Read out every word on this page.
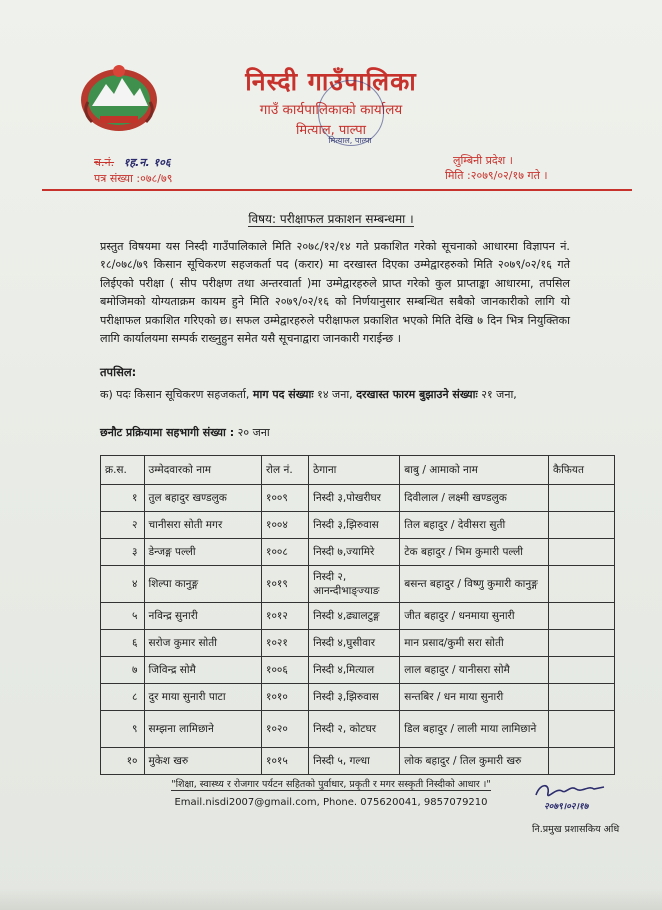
निस्दी गाउँपालिका
गाउँ कार्यपालिकाको कार्यालय
मित्याल, पाल्पा
मित्याल, पाल्पा
च.नं. १ह.न. १०६
पत्र संख्या :०७८/७९
लुम्बिनी प्रदेश ।
मिति :२०७९/०२/१७ गते ।
विषय: परीक्षाफल प्रकाशन सम्बन्धमा ।
प्रस्तुत विषयमा यस निस्दी गाउँपालिकाले मिति २०७८/१२/१४ गते प्रकाशित गरेको सूचनाको आधारमा विज्ञापन नं. १८/०७८/७९ किसान सूचिकरण सहजकर्ता पद (करार) मा दरखास्त दिएका उम्मेद्वारहरुको मिति २०७९/०२/१६ गते लिईएको परीक्षा ( सीप परीक्षण तथा अन्तरवार्ता )मा उम्मेद्वारहरुले प्राप्त गरेको कुल प्राप्ताङ्का आधारमा, तपसिल बमोजिमको योग्यताक्रम कायम हुने मिति २०७९/०२/१६ को निर्णयानुसार सम्बन्धित सबैको जानकारीको लागि यो परीक्षाफल प्रकाशित गरिएको छ। सफल उम्मेद्वारहरुले परीक्षाफल प्रकाशित भएको मिति देखि ७ दिन भित्र नियुक्तिका लागि कार्यालयमा सम्पर्क राख्नुहुन समेत यसै सूचनाद्वारा जानकारी गराईन्छ ।
तपसिल:
क) पदः किसान सूचिकरण सहजकर्ता, माग पद संख्याः १४ जना, दरखास्त फारम बुझाउने संख्याः २१ जना,
छनौट प्रक्रियामा सहभागी संख्या : २० जना
क्र.स.	उम्मेदवारको नाम	रोल नं.	ठेगाना	बाबु / आमाको नाम	कैफियत
१	तुल बहादुर खण्डलुक	१००९	निस्दी ३,पोखरीघर	दिवीलाल / लक्ष्मी खण्डलुक	
२	चानीसरा सोती मगर	१००४	निस्दी ३,झिरुवास	तिल बहादुर / देवीसरा सुती	
३	डेन्जङ्ग पल्ली	१००८	निस्दी ७,ज्यामिरे	टेक बहादुर / भिम कुमारी पल्ली	
४	शिल्पा कानुङ्ग	१०१९	निस्दी २, आनन्दीभाङ्ज्याङ	बसन्त बहादुर / विष्णु कुमारी कानुङ्ग	
५	नविन्द्र सुनारी	१०१२	निस्दी ४,ढ्यालटुङ्ग	जीत बहादुर / धनमाया सुनारी	
६	सरोज कुमार सोती	१०२१	निस्दी ४,घुसीवार	मान प्रसाद/कुमी सरा सोती	
७	जिविन्द्र सोमै	१००६	निस्दी ४,मित्याल	लाल बहादुर / यानीसरा सोमै	
८	दुर माया सुनारी पाटा	१०१०	निस्दी ३,झिरुवास	सन्तबिर / धन माया सुनारी	
९	सम्झना लामिछाने	१०२०	निस्दी २, कोटघर	डिल बहादुर / लाली माया लामिछाने	
१०	मुकेश खरु	१०१५	निस्दी ५, गल्धा	लोक बहादुर / तिल कुमारी खरु	
"शिक्षा, स्वास्थ्य र रोजगार पर्यटन सहितको पुर्वाधार, प्रकृती र मगर सस्कृती निस्दीको आधार ।"
Email.nisdi2007@gmail.com, Phone. 075620041, 9857079210	२०७९।०२।१७
नि.प्रमुख प्रशासकिय अधि
